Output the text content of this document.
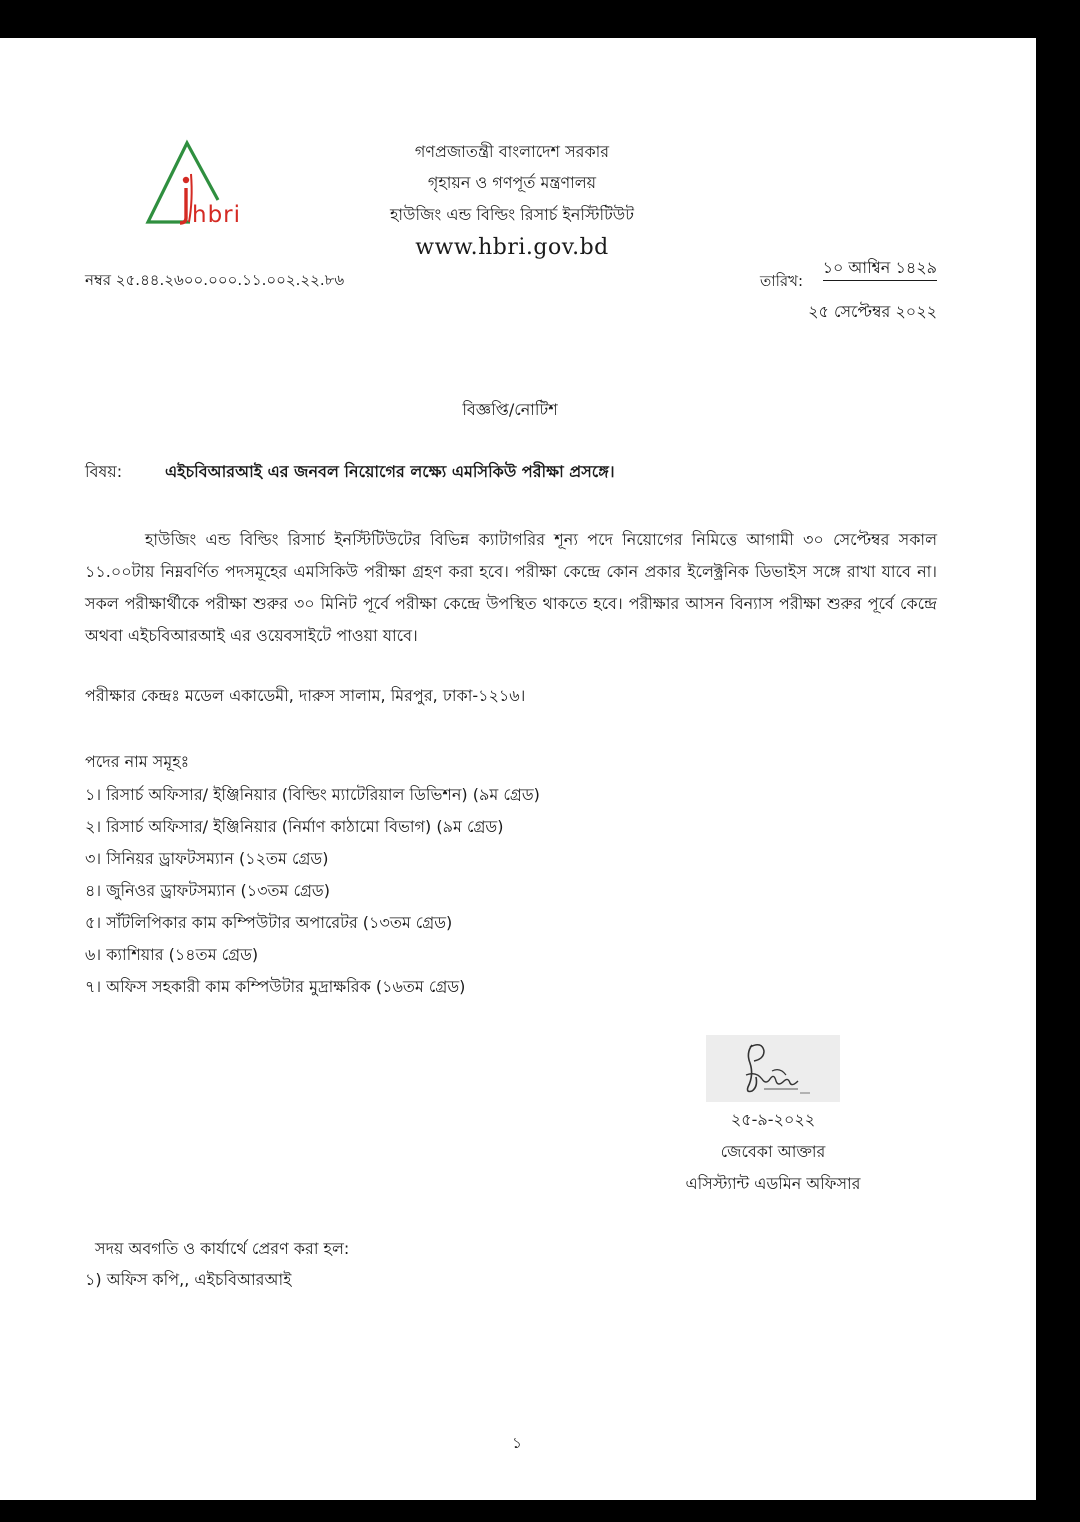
hbri
গণপ্রজাতন্ত্রী বাংলাদেশ সরকার
গৃহায়ন ও গণপূর্ত মন্ত্রণালয়
হাউজিং এন্ড বিল্ডিং রিসার্চ ইনস্টিটিউট
www.hbri.gov.bd
নম্বর ২৫.৪৪.২৬০০.০০০.১১.০০২.২২.৮৬	তারিখ:
১০ আশ্বিন ১৪২৯
২৫ সেপ্টেম্বর ২০২২
বিজ্ঞপ্তি/নোটিশ
বিষয়:	এইচবিআরআই এর জনবল নিয়োগের লক্ষ্যে এমসিকিউ পরীক্ষা প্রসঙ্গে।

হাউজিং এন্ড বিল্ডিং রিসার্চ ইনস্টিটিউটের বিভিন্ন ক্যাটাগরির শূন্য পদে নিয়োগের নিমিত্তে আগামী ৩০ সেপ্টেম্বর সকাল ১১.০০টায় নিম্নবর্ণিত পদসমূহের এমসিকিউ পরীক্ষা গ্রহণ করা হবে। পরীক্ষা কেন্দ্রে কোন প্রকার ইলেক্ট্রনিক ডিভাইস সঙ্গে রাখা যাবে না। সকল পরীক্ষার্থীকে পরীক্ষা শুরুর ৩০ মিনিট পূর্বে পরীক্ষা কেন্দ্রে উপস্থিত থাকতে হবে। পরীক্ষার আসন বিন্যাস পরীক্ষা শুরুর পূর্বে কেন্দ্রে অথবা এইচবিআরআই এর ওয়েবসাইটে পাওয়া যাবে।

পরীক্ষার কেন্দ্রঃ মডেল একাডেমী, দারুস সালাম, মিরপুর, ঢাকা-১২১৬।
পদের নাম সমূহঃ
১। রিসার্চ অফিসার/ ইঞ্জিনিয়ার (বিল্ডিং ম্যাটেরিয়াল ডিভিশন) (৯ম গ্রেড)
২। রিসার্চ অফিসার/ ইঞ্জিনিয়ার (নির্মাণ কাঠামো বিভাগ) (৯ম গ্রেড)
৩। সিনিয়র ড্রাফটসম্যান (১২তম গ্রেড)
৪। জুনিওর ড্রাফটসম্যান (১৩তম গ্রেড)
৫। সাঁটলিপিকার কাম কম্পিউটার অপারেটর (১৩তম গ্রেড)
৬। ক্যাশিয়ার (১৪তম গ্রেড)
৭। অফিস সহকারী কাম কম্পিউটার মুদ্রাক্ষরিক (১৬তম গ্রেড)
২৫-৯-২০২২
জেবেকা আক্তার
এসিস্ট্যান্ট এডমিন অফিসার
সদয় অবগতি ও কার্যার্থে প্রেরণ করা হল:
১) অফিস কপি,, এইচবিআরআই
১
